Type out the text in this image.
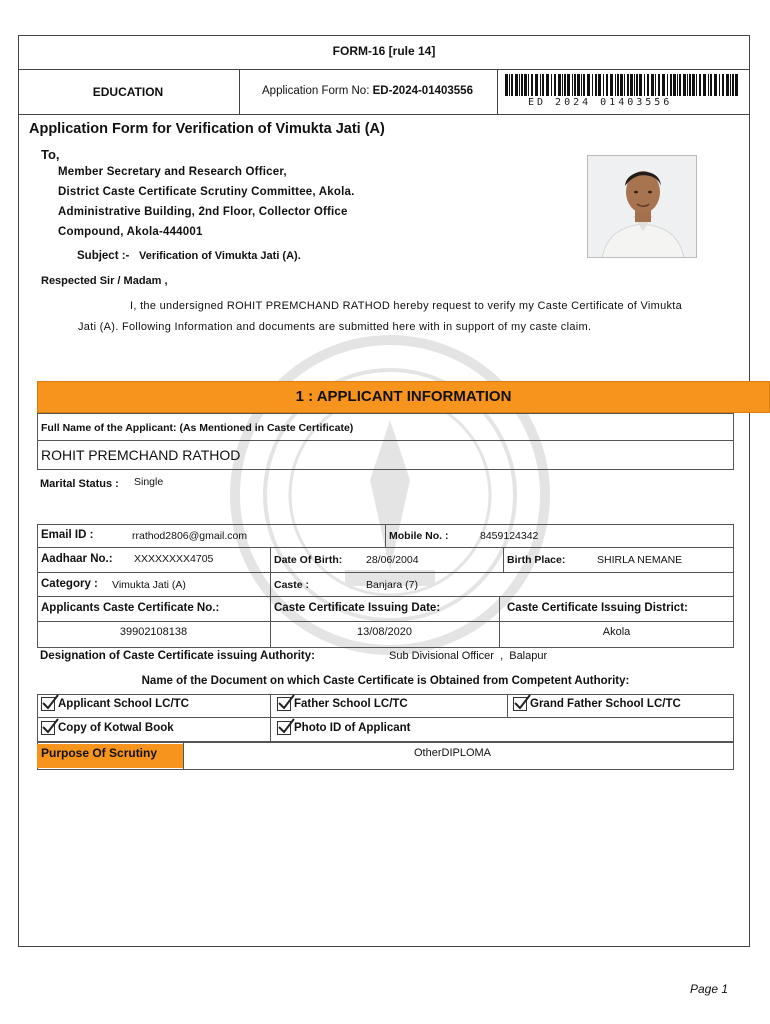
FORM-16 [rule 14]
EDUCATION	Application Form No: ED-2024-01403556
ED 2024 01403556
Application Form for Verification of Vimukta Jati (A)
To,
Member Secretary and Research Officer,
District Caste Certificate Scrutiny Committee, Akola.
Administrative Building, 2nd Floor, Collector Office
Compound, Akola-444001
Subject :- Verification of Vimukta Jati (A).
Respected Sir / Madam ,
I, the undersigned ROHIT PREMCHAND RATHOD hereby request to verify my Caste Certificate of Vimukta Jati (A). Following Information and documents are submitted here with in support of my caste claim.
1 : APPLICANT INFORMATION
Full Name of the Applicant: (As Mentioned in Caste Certificate)
ROHIT PREMCHAND RATHOD
Marital Status : Single
Email ID :	rrathod2806@gmail.com	Mobile No. :	8459124342
Aadhaar No.: XXXXXXXX4705	Date Of Birth: 28/06/2004	Birth Place:	SHIRLA NEMANE
Category : Vimukta Jati (A)	Caste :	Banjara (7)
Applicants Caste Certificate No.:	Caste Certificate Issuing Date:	Caste Certificate Issuing District:
39902108138	13/08/2020	Akola
Designation of Caste Certificate issuing Authority:	Sub Divisional Officer  ,  Balapur
Name of the Document on which Caste Certificate is Obtained from Competent Authority:
Applicant School LC/TC	Father School LC/TC	Grand Father School LC/TC
Copy of Kotwal Book	Photo ID of Applicant
Purpose Of Scrutiny	OtherDIPLOMA
Page 1
